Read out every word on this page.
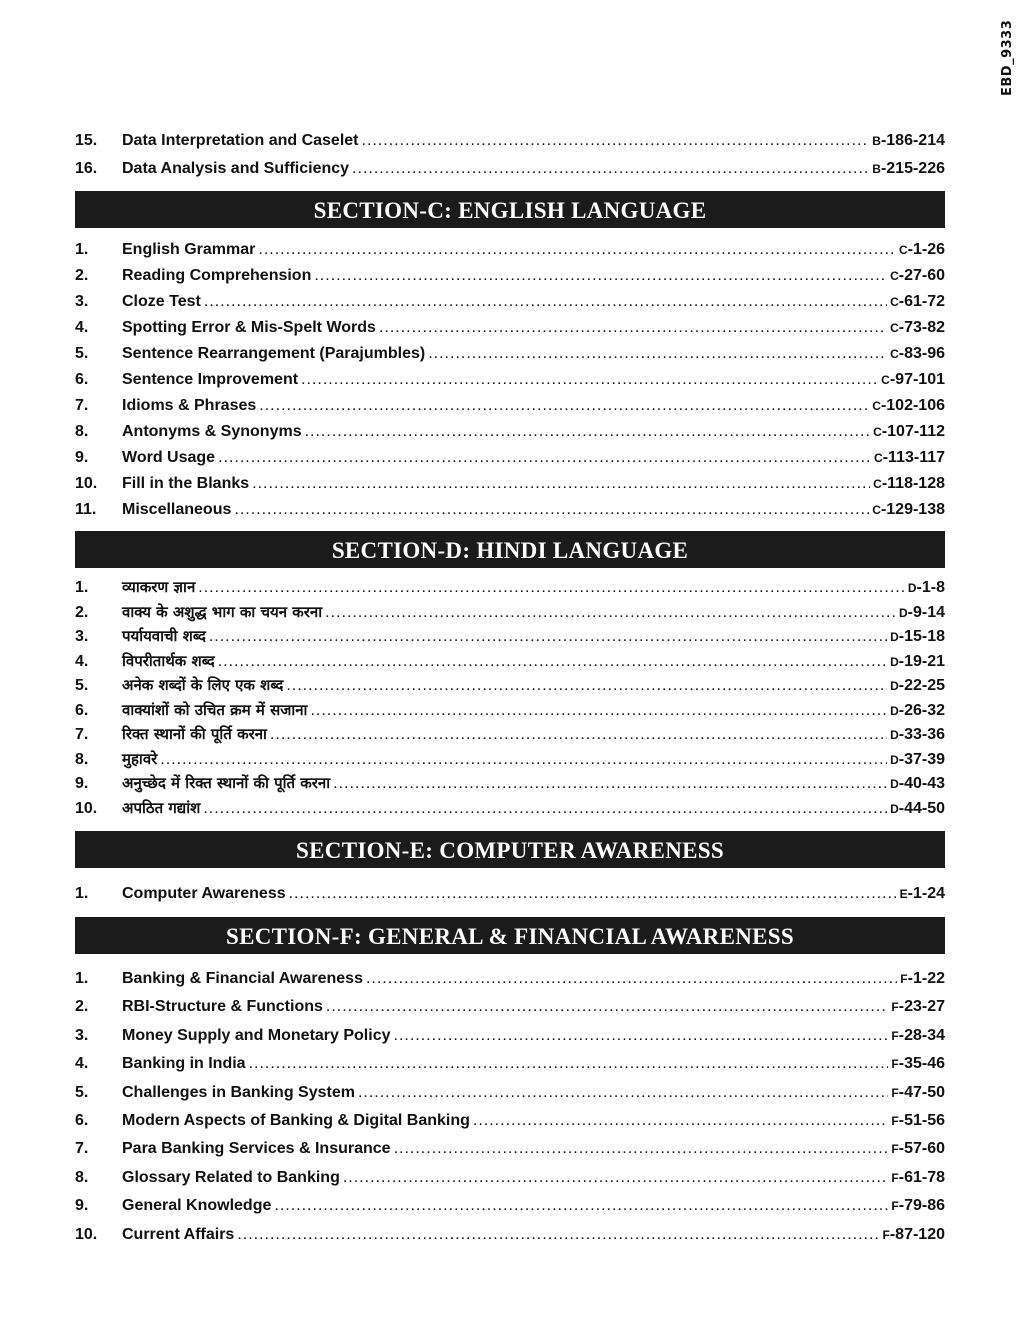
EBD_9333
15.	Data Interpretation and Caselet .....	B-186-214
16.	Data Analysis and Sufficiency .....	B-215-226
SECTION-C: ENGLISH LANGUAGE
1.	English Grammar .....	C-1-26
2.	Reading Comprehension .....	C-27-60
3.	Cloze Test .....	C-61-72
4.	Spotting Error & Mis-Spelt Words .....	C-73-82
5.	Sentence Rearrangement (Parajumbles) .....	C-83-96
6.	Sentence Improvement .....	C-97-101
7.	Idioms & Phrases .....	C-102-106
8.	Antonyms & Synonyms .....	C-107-112
9.	Word Usage .....	C-113-117
10.	Fill in the Blanks .....	C-118-128
11.	Miscellaneous .....	C-129-138
SECTION-D: HINDI LANGUAGE
1.	व्याकरण ज्ञान .....	D-1-8
2.	वाक्य के अशुद्ध भाग का चयन करना .....	D-9-14
3.	पर्यायवाची शब्द .....	D-15-18
4.	विपरीतार्थक शब्द .....	D-19-21
5.	अनेक शब्दों के लिए एक शब्द .....	D-22-25
6.	वाक्यांशों को उचित क्रम में सजाना .....	D-26-32
7.	रिक्त स्थानों की पूर्ति करना .....	D-33-36
8.	मुहावरे .....	D-37-39
9.	अनुच्छेद में रिक्त स्थानों की पूर्ति करना .....	D-40-43
10.	अपठित गद्यांश .....	D-44-50
SECTION-E: COMPUTER AWARENESS
1.	Computer Awareness .....	E-1-24
SECTION-F: GENERAL & FINANCIAL AWARENESS
1.	Banking & Financial Awareness .....	F-1-22
2.	RBI-Structure & Functions .....	F-23-27
3.	Money Supply and Monetary Policy .....	F-28-34
4.	Banking in India .....	F-35-46
5.	Challenges in Banking System .....	F-47-50
6.	Modern Aspects of Banking & Digital Banking .....	F-51-56
7.	Para Banking Services & Insurance .....	F-57-60
8.	Glossary Related to Banking .....	F-61-78
9.	General Knowledge .....	F-79-86
10.	Current Affairs .....	F-87-120
